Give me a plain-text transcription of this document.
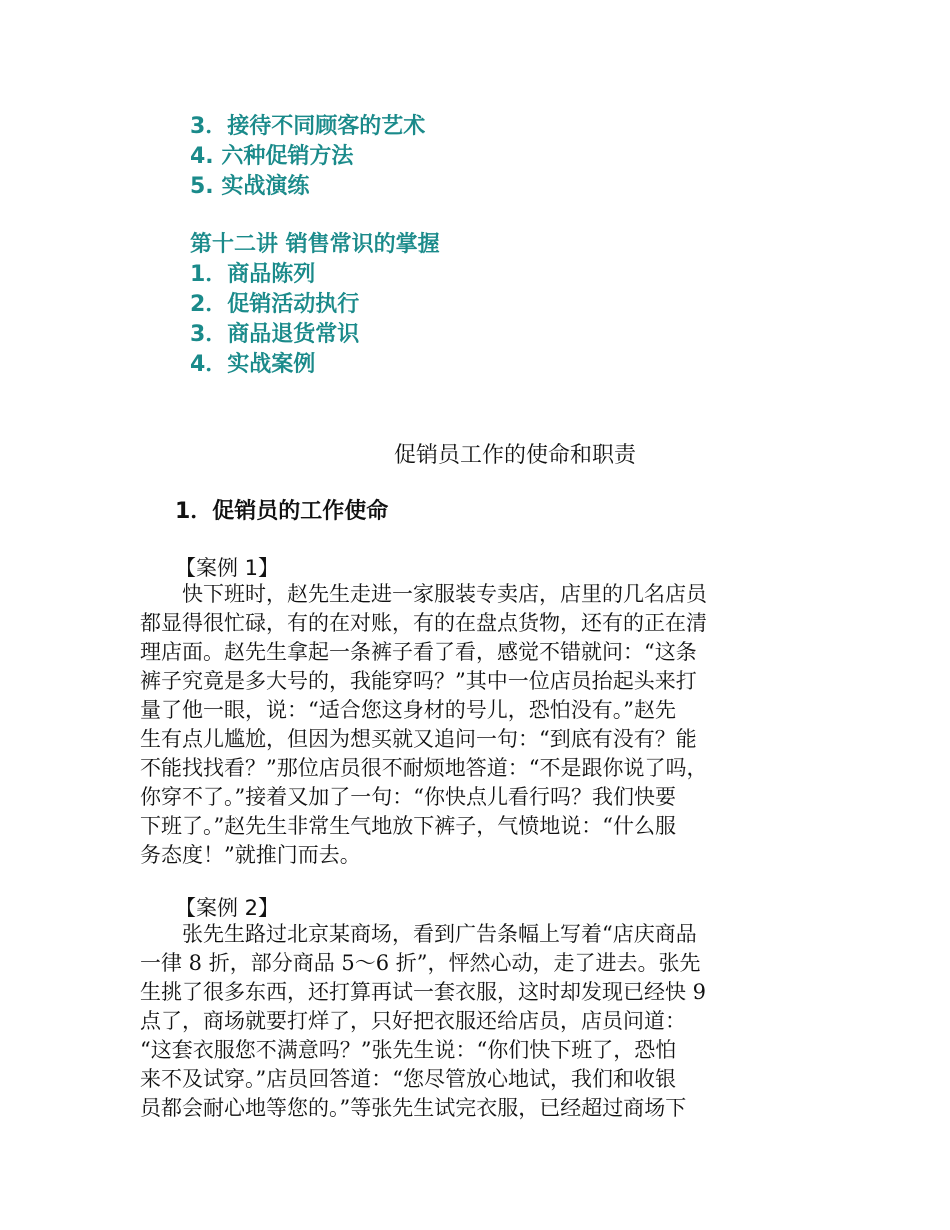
3．接待不同顾客的艺术
4. 六种促销方法
5. 实战演练
第十二讲 销售常识的掌握
1．商品陈列
2．促销活动执行
3．商品退货常识
4．实战案例
促销员工作的使命和职责
1．促销员的工作使命
【案例 1】
　　快下班时，赵先生走进一家服装专卖店，店里的几名店员
都显得很忙碌，有的在对账，有的在盘点货物，还有的正在清
理店面。赵先生拿起一条裤子看了看，感觉不错就问：“这条
裤子究竟是多大号的，我能穿吗？”其中一位店员抬起头来打
量了他一眼，说：“适合您这身材的号儿，恐怕没有。”赵先
生有点儿尴尬，但因为想买就又追问一句：“到底有没有？能
不能找找看？”那位店员很不耐烦地答道：“不是跟你说了吗，
你穿不了。”接着又加了一句：“你快点儿看行吗？我们快要
下班了。”赵先生非常生气地放下裤子，气愤地说：“什么服
务态度！”就推门而去。
【案例 2】
　　张先生路过北京某商场，看到广告条幅上写着“店庆商品
一律 8 折，部分商品 5～6 折”，怦然心动，走了进去。张先
生挑了很多东西，还打算再试一套衣服，这时却发现已经快 9
点了，商场就要打烊了，只好把衣服还给店员，店员问道：
“这套衣服您不满意吗？”张先生说：“你们快下班了，恐怕
来不及试穿。”店员回答道：“您尽管放心地试，我们和收银
员都会耐心地等您的。”等张先生试完衣服，已经超过商场下
